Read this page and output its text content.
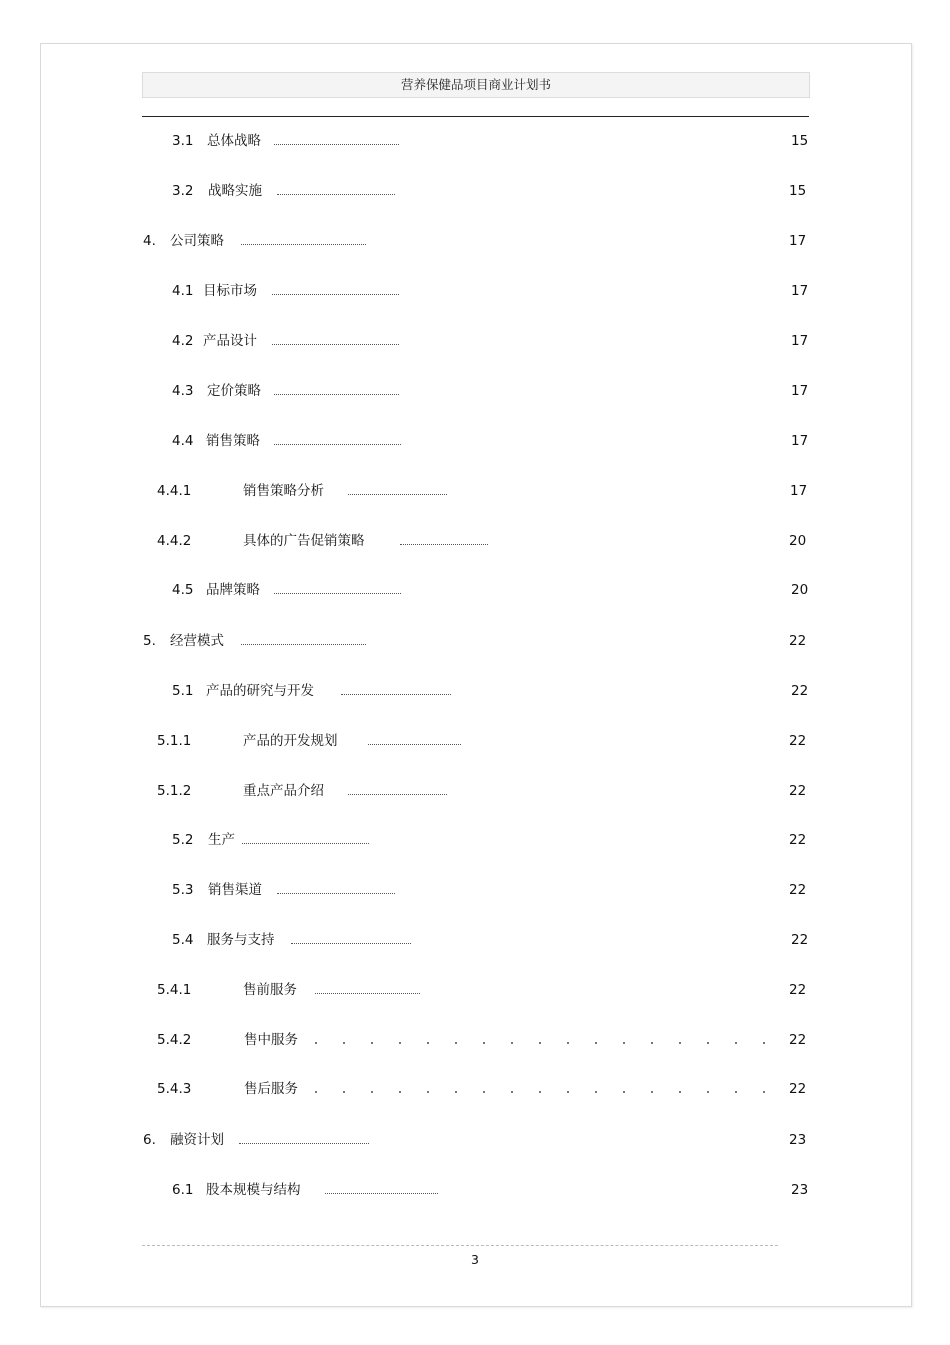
营养保健品项目商业计划书
3.1 总体战略	15
3.2 战略实施	15
4. 公司策略	17
4.1 目标市场	17
4.2 产品设计	17
4.3 定价策略	17
4.4 销售策略	17
4.4.1	销售策略分析	17
4.4.2	具体的广告促销策略	20
4.5 品牌策略	20
5. 经营模式	22
5.1 产品的研究与开发	22
5.1.1	产品的开发规划	22
5.1.2	重点产品介绍	22
5.2 生产	22
5.3 销售渠道	22
5.4 服务与支持	22
5.4.1	售前服务	22
5.4.2	售中服务	22
5.4.3	售后服务	22
6. 融资计划	23
6.1 股本规模与结构	23
3
